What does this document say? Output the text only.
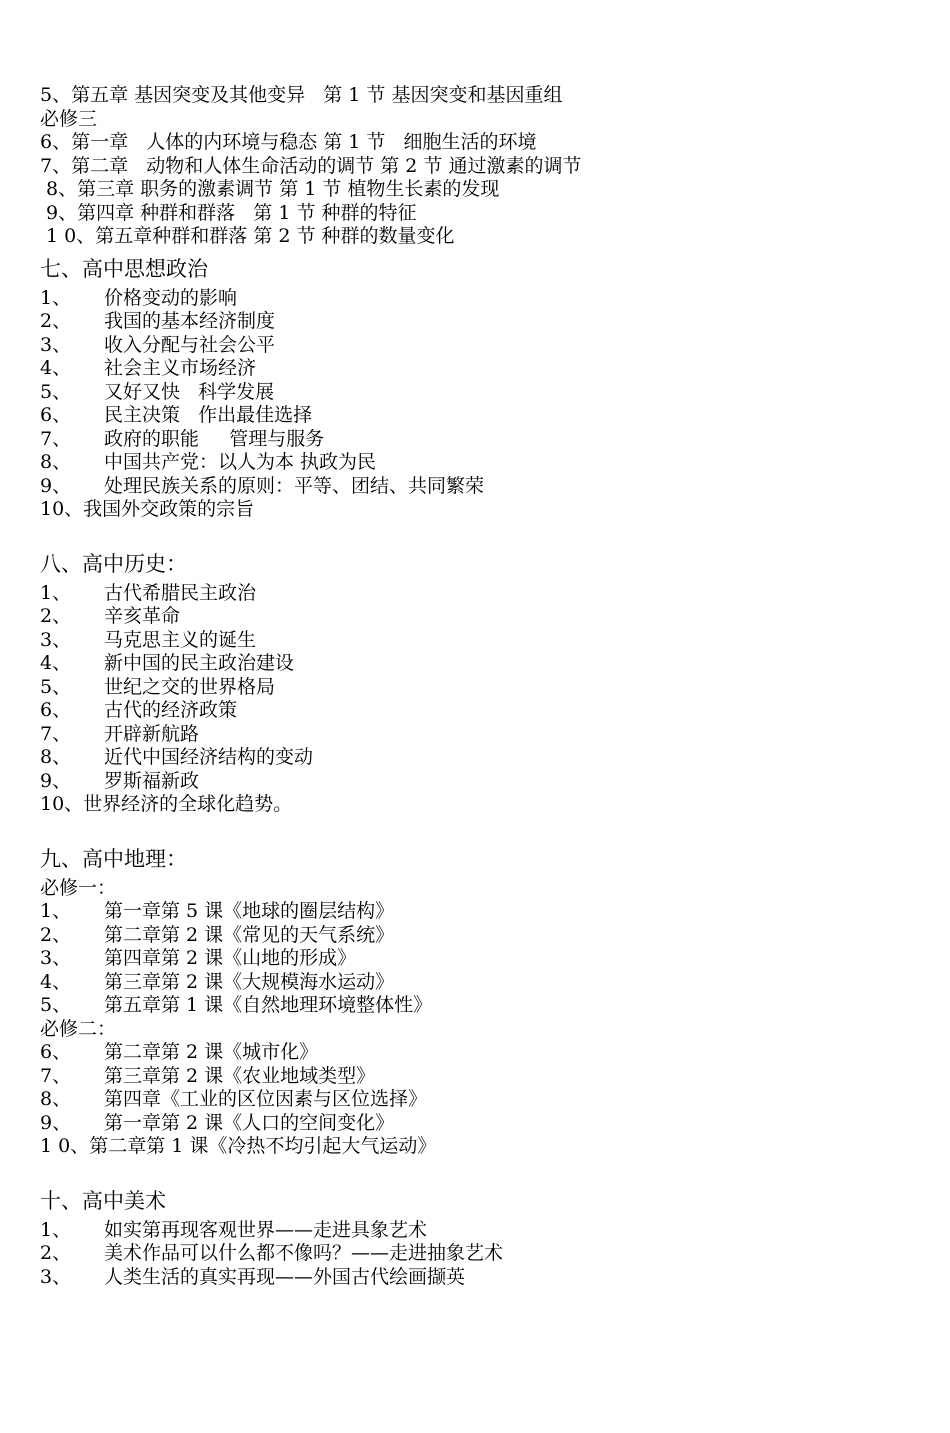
5、第五章 基因突变及其他变异   第 1 节 基因突变和基因重组
必修三
6、第一章   人体的内环境与稳态 第 1 节   细胞生活的环境
7、第二章   动物和人体生命活动的调节 第 2 节 通过激素的调节
8、第三章 职务的激素调节 第 1 节 植物生长素的发现
9、第四章 种群和群落   第 1 节 种群的特征
1 0、第五章种群和群落 第 2 节 种群的数量变化
七、高中思想政治
1、 价格变动的影响
2、 我国的基本经济制度
3、 收入分配与社会公平
4、 社会主义市场经济
5、 又好又快   科学发展
6、 民主决策   作出最佳选择
7、 政府的职能     管理与服务
8、 中国共产党：以人为本 执政为民
9、 处理民族关系的原则：平等、团结、共同繁荣
10、我国外交政策的宗旨
八、高中历史：
1、 古代希腊民主政治
2、 辛亥革命
3、 马克思主义的诞生
4、 新中国的民主政治建设
5、 世纪之交的世界格局
6、 古代的经济政策
7、 开辟新航路
8、 近代中国经济结构的变动
9、 罗斯福新政
10、世界经济的全球化趋势。
九、高中地理：
必修一：
1、 第一章第 5 课《地球的圈层结构》
2、 第二章第 2 课《常见的天气系统》
3、 第四章第 2 课《山地的形成》
4、 第三章第 2 课《大规模海水运动》
5、 第五章第 1 课《自然地理环境整体性》
必修二：
6、 第二章第 2 课《城市化》
7、 第三章第 2 课《农业地域类型》
8、 第四章《工业的区位因素与区位选择》
9、 第一章第 2 课《人口的空间变化》
1 0、第二章第 1 课《冷热不均引起大气运动》
十、高中美术
1、 如实第再现客观世界——走进具象艺术
2、 美术作品可以什么都不像吗？——走进抽象艺术
3、 人类生活的真实再现——外国古代绘画撷英
